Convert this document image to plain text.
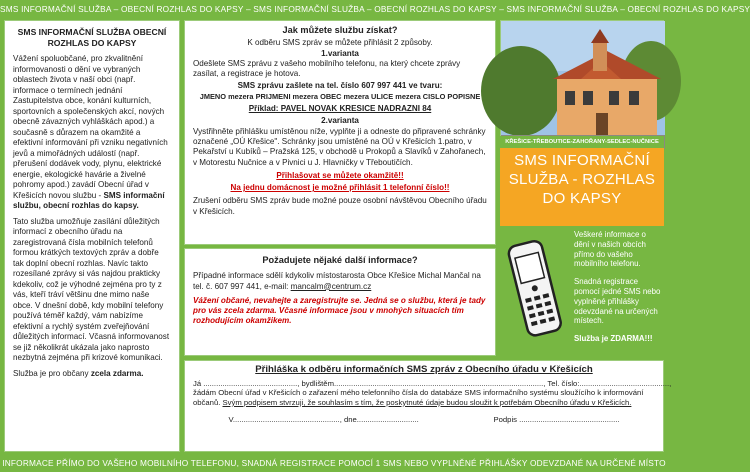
SMS INFORMAČNÍ SLUŽBA – OBECNÍ ROZHLAS DO KAPSY – SMS INFORMAČNÍ SLUŽBA – OBECNÍ ROZHLAS DO KAPSY – SMS INFORMAČNÍ SLUŽBA – OBECNÍ ROZHLAS DO KAPSY
SMS INFORMAČNÍ SLUŽBA OBECNÍ ROZHLAS DO KAPSY

Vážení spoluobčané, pro zkvalitnění informovanosti o dění ve vybraných oblastech života v naší obci (např. informace o termínech jednání Zastupitelstva obce, konání kulturních, sportovních a společenských akcí, nových obecně závazných vyhláškách apod.) a současně s důrazem na okamžité a efektivní informování při vzniku negativních jevů a mimořádných událostí (např. přerušení dodávek vody, plynu, elektrické energie, ekologické havárie a živelné pohromy apod.) zavádí Obecní úřad v Křešicích novou službu - SMS informační službu, obecní rozhlas do kapsy.

Tato služba umožňuje zasílání důležitých informací z obecního úřadu na zaregistrovaná čísla mobilních telefonů formou krátkých textových zpráv a dobře tak doplní obecní rozhlas. Navíc takto rozesílané zprávy si vás najdou prakticky kdekoliv, což je výhodné zejména pro ty z vás, kteří tráví většinu dne mimo naše obce. V dnešní době, kdy mobilní telefony používá téměř každý, vám nabízíme efektivní a rychlý systém zveřejňování důležitých informací. Včasná informovanost se již několikrát ukázala jako naprosto nezbytná zejména při krizové komunikaci.

Služba je pro občany zcela zdarma.

Jak můžete službu získat?
K odběru SMS zpráv se můžete přihlásit 2 způsoby.
1.varianta
Odešlete SMS zprávu z vašeho mobilního telefonu, na který chcete zprávy zasílat, a registrace je hotova.
SMS zprávu zašlete na tel. číslo 607 997 441 ve tvaru:
JMENO mezera PRIJMENI mezera OBEC mezera ULICE mezera CISLO POPISNE
Příklad: PAVEL NOVAK KRESICE NADRAZNI 84
2.varianta
Vystřihněte přihlášku umístěnou níže, vyplňte ji a odneste do připravené schránky označené „OÚ Křešice". Schránky jsou umístěné na OÚ v Křešicích 1.patro, v Pekařství u Kubíků – Pražská 125, v obchodě u Prokopů a Slavíků v Zahořanech, v Motorestu Nučnice a v Pivnici u J. Hlavničky v Třeboutičích.
Přihlašovat se můžete okamžitě!!
Na jednu domácnost je možné přihlásit 1 telefonní číslo!!
Zrušení odběru SMS zpráv bude možné pouze osobní návštěvou Obecního úřadu v Křešicích.
Požadujete nějaké další informace?
Případné informace sdělí kdykoliv místostarosta Obce Křešice Michal Mančal na tel. č. 607 997 441, e-mail: mancalm@centrum.cz
Vážení občané, nevahejte a zaregistrujte se. Jedná se o službu, která je tady pro vás zcela zdarma. Včasné informace jsou v mnohých situacích tím rozhodujícím okamžikem.
Přihláška k odběru informačních SMS zpráv z Obecního úřadu v Křešicích
Já ............................................, bydlištěm.................................................................................................., Tel. číslo:..........................................,
žádám Obecní úřad v Křešicích o zařazení mého telefonního čísla do databáze SMS informačního systému sloužícího k informování občanů. Svým podpisem stvrzuji, že souhlasím s tím, že poskytnuté údaje budou sloužit k potřebám Obecního úřadu v Křešicích.
V.................................................., dne.............................                                   Podpis ...............................................
KŘEŠICE-TŘEBOUTICE-ZAHOŘANY-SEDLEC-NUČNICE
SMS INFORMAČNÍ SLUŽBA - ROZHLAS DO KAPSY

Veškeré informace o dění v našich obcích přímo do vašeho mobilního telefonu.

Snadná registrace pomocí jedné SMS nebo vyplněné přihlášky odevzdané na určených místech.

Služba je ZDARMA!!!

INFORMACE PŘÍMO DO VAŠEHO MOBILNÍHO TELEFONU, SNADNÁ REGISTRACE POMOCÍ 1 SMS NEBO VYPLNĚNÉ PŘIHLÁŠKY ODEVZDANÉ NA URČENÉ MÍSTO
